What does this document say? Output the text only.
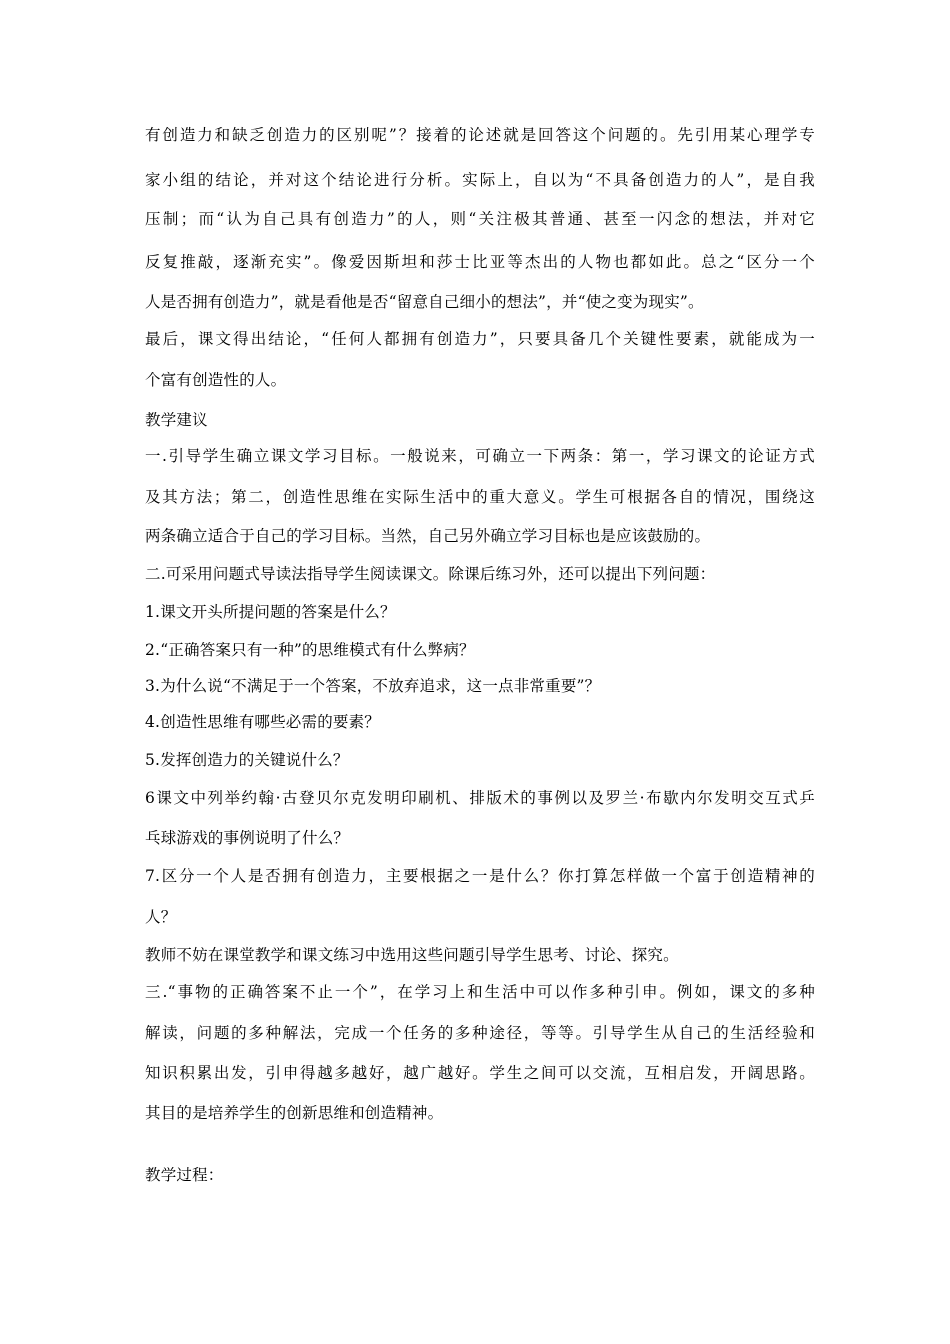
有创造力和缺乏创造力的区别呢”？接着的论述就是回答这个问题的。先引用某心理学专
家小组的结论，并对这个结论进行分析。实际上，自以为“不具备创造力的人”，是自我
压制；而“认为自己具有创造力”的人，则“关注极其普通、甚至一闪念的想法，并对它
反复推敲，逐渐充实”。像爱因斯坦和莎士比亚等杰出的人物也都如此。总之“区分一个
人是否拥有创造力”，就是看他是否“留意自己细小的想法”，并“使之变为现实”。
最后，课文得出结论，“任何人都拥有创造力”，只要具备几个关键性要素，就能成为一
个富有创造性的人。
教学建议
一.引导学生确立课文学习目标。一般说来，可确立一下两条：第一，学习课文的论证方式
及其方法；第二，创造性思维在实际生活中的重大意义。学生可根据各自的情况，围绕这
两条确立适合于自己的学习目标。当然，自己另外确立学习目标也是应该鼓励的。
二.可采用问题式导读法指导学生阅读课文。除课后练习外，还可以提出下列问题：
1.课文开头所提问题的答案是什么？
2.“正确答案只有一种”的思维模式有什么弊病？
3.为什么说“不满足于一个答案，不放弃追求，这一点非常重要”？
4.创造性思维有哪些必需的要素？
5.发挥创造力的关键说什么？
6课文中列举约翰·古登贝尔克发明印刷机、排版术的事例以及罗兰·布歇内尔发明交互式乒
乓球游戏的事例说明了什么？
7.区分一个人是否拥有创造力，主要根据之一是什么？你打算怎样做一个富于创造精神的
人？
教师不妨在课堂教学和课文练习中选用这些问题引导学生思考、讨论、探究。
三.“事物的正确答案不止一个”，在学习上和生活中可以作多种引申。例如，课文的多种
解读，问题的多种解法，完成一个任务的多种途径，等等。引导学生从自己的生活经验和
知识积累出发，引申得越多越好，越广越好。学生之间可以交流，互相启发，开阔思路。
其目的是培养学生的创新思维和创造精神。
教学过程：
